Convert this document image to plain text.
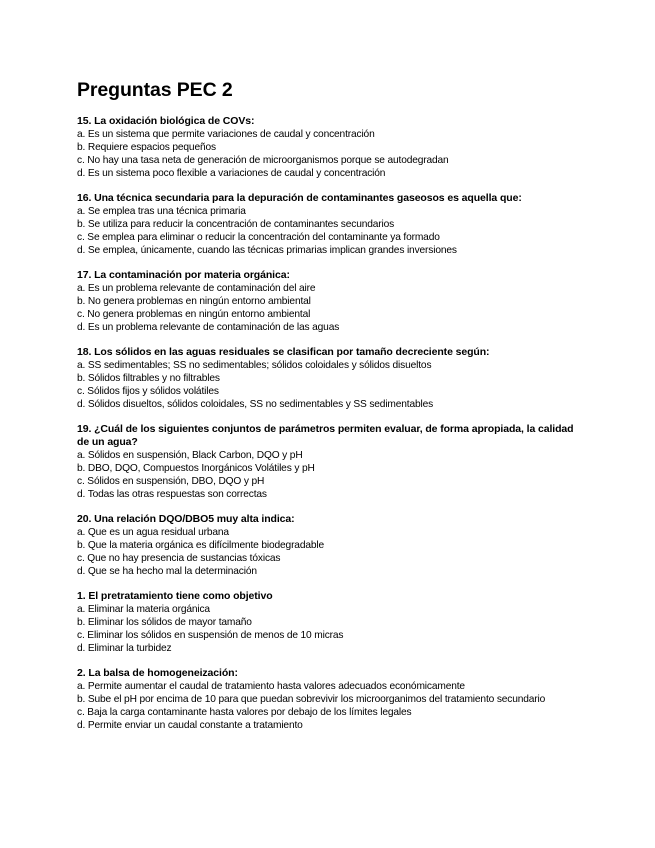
Preguntas PEC 2
15. La oxidación biológica de COVs:
a. Es un sistema que permite variaciones de caudal y concentración
b. Requiere espacios pequeños
c. No hay una tasa neta de generación de microorganismos porque se autodegradan
d. Es un sistema poco flexible a variaciones de caudal y concentración
16. Una técnica secundaria para la depuración de contaminantes gaseosos es aquella que:
a. Se emplea tras una técnica primaria
b. Se utiliza para reducir la concentración de contaminantes secundarios
c. Se emplea para eliminar o reducir la concentración del contaminante ya formado
d. Se emplea, únicamente, cuando las técnicas primarias implican grandes inversiones
17. La contaminación por materia orgánica:
a. Es un problema relevante de contaminación del aire
b. No genera problemas en ningún entorno ambiental
c. No genera problemas en ningún entorno ambiental
d. Es un problema relevante de contaminación de las aguas
18. Los sólidos en las aguas residuales se clasifican por tamaño decreciente según:
a. SS sedimentables; SS no sedimentables; sólidos coloidales y sólidos disueltos
b. Sólidos filtrables y no filtrables
c. Sólidos fijos y sólidos volátiles
d. Sólidos disueltos, sólidos coloidales, SS no sedimentables y SS sedimentables
19. ¿Cuál de los siguientes conjuntos de parámetros permiten evaluar, de forma apropiada, la calidad de un agua?
a. Sólidos en suspensión, Black Carbon, DQO y pH
b. DBO, DQO, Compuestos Inorgánicos Volátiles y pH
c. Sólidos en suspensión, DBO, DQO y pH
d. Todas las otras respuestas son correctas
20. Una relación DQO/DBO5 muy alta indica:
a. Que es un agua residual urbana
b. Que la materia orgánica es difícilmente biodegradable
c. Que no hay presencia de sustancias tóxicas
d. Que se ha hecho mal la determinación
1. El pretratamiento tiene como objetivo
a. Eliminar la materia orgánica
b. Eliminar los sólidos de mayor tamaño
c. Eliminar los sólidos en suspensión de menos de 10 micras
d. Eliminar la turbidez
2. La balsa de homogeneización:
a. Permite aumentar el caudal de tratamiento hasta valores adecuados económicamente
b. Sube el pH por encima de 10 para que puedan sobrevivir los microorganimos del tratamiento secundario
c. Baja la carga contaminante hasta valores por debajo de los límites legales
d. Permite enviar un caudal constante a tratamiento
